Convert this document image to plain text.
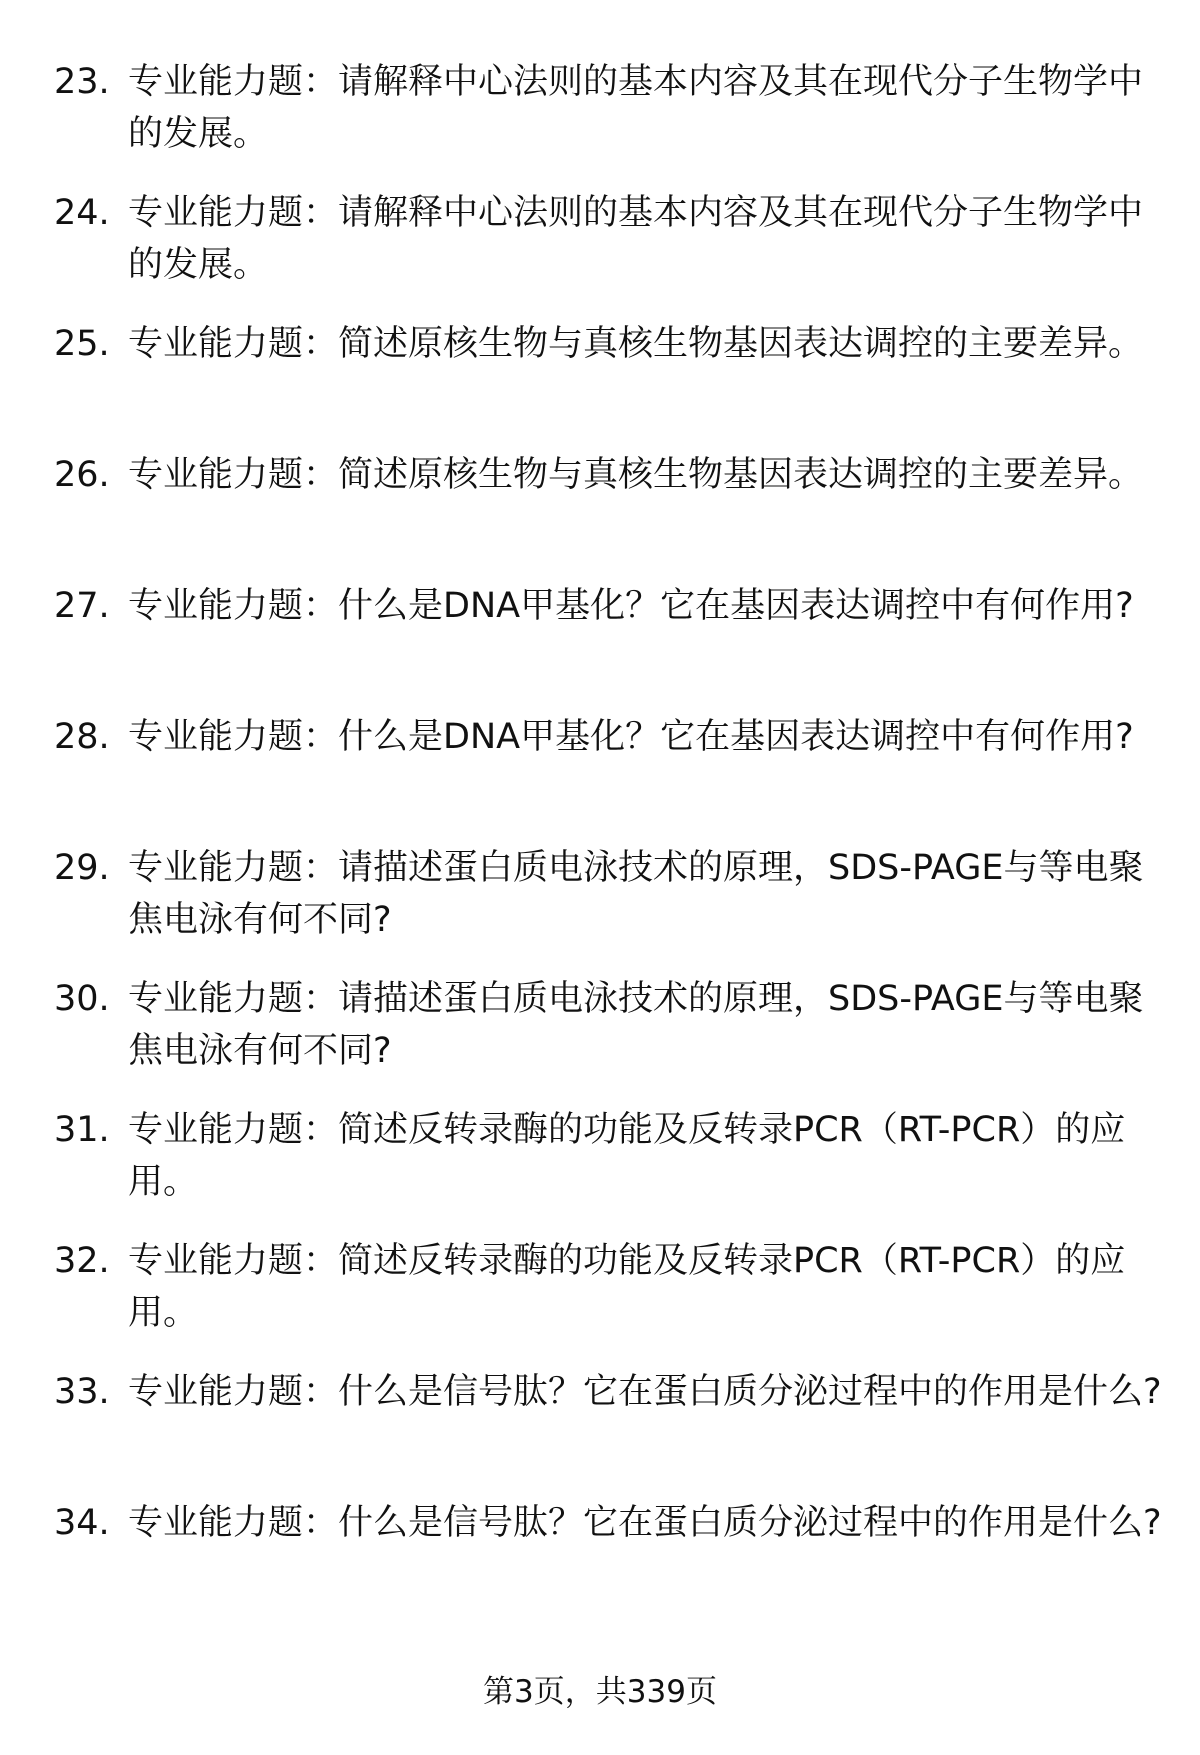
23. 专业能力题：请解释中心法则的基本内容及其在现代分子生物学中的发展。
24. 专业能力题：请解释中心法则的基本内容及其在现代分子生物学中的发展。
25. 专业能力题：简述原核生物与真核生物基因表达调控的主要差异。
26. 专业能力题：简述原核生物与真核生物基因表达调控的主要差异。
27. 专业能力题：什么是DNA甲基化？它在基因表达调控中有何作用?
28. 专业能力题：什么是DNA甲基化？它在基因表达调控中有何作用?
29. 专业能力题：请描述蛋白质电泳技术的原理，SDS-PAGE与等电聚焦电泳有何不同?
30. 专业能力题：请描述蛋白质电泳技术的原理，SDS-PAGE与等电聚焦电泳有何不同?
31. 专业能力题：简述反转录酶的功能及反转录PCR（RT-PCR）的应用。
32. 专业能力题：简述反转录酶的功能及反转录PCR（RT-PCR）的应用。
33. 专业能力题：什么是信号肽？它在蛋白质分泌过程中的作用是什么?
34. 专业能力题：什么是信号肽？它在蛋白质分泌过程中的作用是什么?
第3页，共339页
